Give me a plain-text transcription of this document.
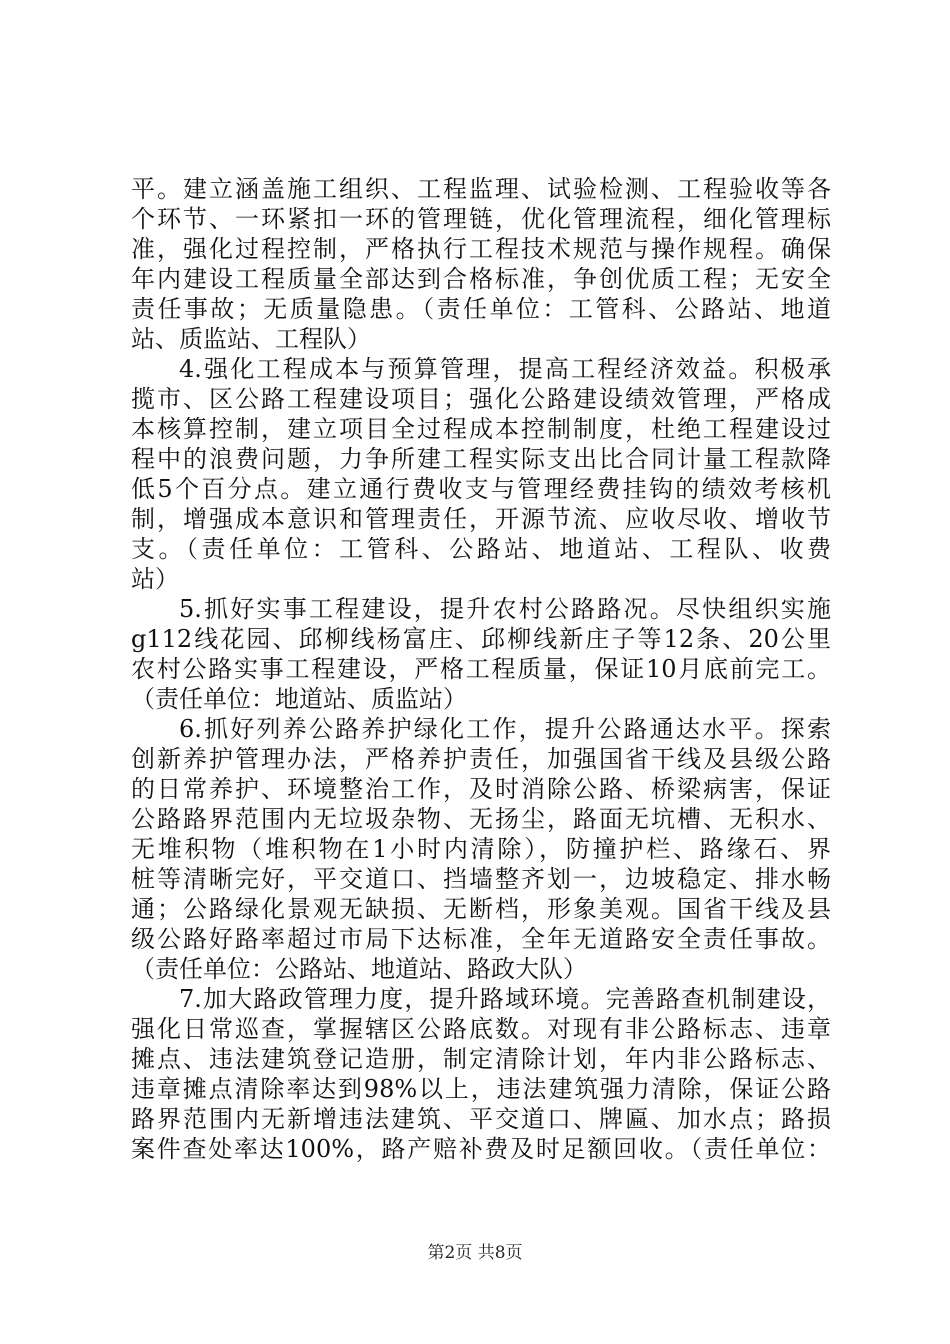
平。建立涵盖施工组织、工程监理、试验检测、工程验收等各
个环节、一环紧扣一环的管理链，优化管理流程，细化管理标
准，强化过程控制，严格执行工程技术规范与操作规程。确保
年内建设工程质量全部达到合格标准，争创优质工程；无安全
责任事故；无质量隐患。（责任单位：工管科、公路站、地道
站、质监站、工程队）
4.强化工程成本与预算管理，提高工程经济效益。积极承
揽市、区公路工程建设项目；强化公路建设绩效管理，严格成
本核算控制，建立项目全过程成本控制制度，杜绝工程建设过
程中的浪费问题，力争所建工程实际支出比合同计量工程款降
低5个百分点。建立通行费收支与管理经费挂钩的绩效考核机
制，增强成本意识和管理责任，开源节流、应收尽收、增收节
支。（责任单位：工管科、公路站、地道站、工程队、收费
站）
5.抓好实事工程建设，提升农村公路路况。尽快组织实施
g112线花园、邱柳线杨富庄、邱柳线新庄子等12条、20公里
农村公路实事工程建设，严格工程质量，保证10月底前完工。
（责任单位：地道站、质监站）
6.抓好列养公路养护绿化工作，提升公路通达水平。探索
创新养护管理办法，严格养护责任，加强国省干线及县级公路
的日常养护、环境整治工作，及时消除公路、桥梁病害，保证
公路路界范围内无垃圾杂物、无扬尘，路面无坑槽、无积水、
无堆积物（堆积物在1小时内清除），防撞护栏、路缘石、界
桩等清晰完好，平交道口、挡墙整齐划一，边坡稳定、排水畅
通；公路绿化景观无缺损、无断档，形象美观。国省干线及县
级公路好路率超过市局下达标准，全年无道路安全责任事故。
（责任单位：公路站、地道站、路政大队）
7.加大路政管理力度，提升路域环境。完善路查机制建设，
强化日常巡查，掌握辖区公路底数。对现有非公路标志、违章
摊点、违法建筑登记造册，制定清除计划，年内非公路标志、
违章摊点清除率达到98%以上，违法建筑强力清除，保证公路
路界范围内无新增违法建筑、平交道口、牌匾、加水点；路损
案件查处率达100%，路产赔补费及时足额回收。（责任单位：
第2页 共8页
